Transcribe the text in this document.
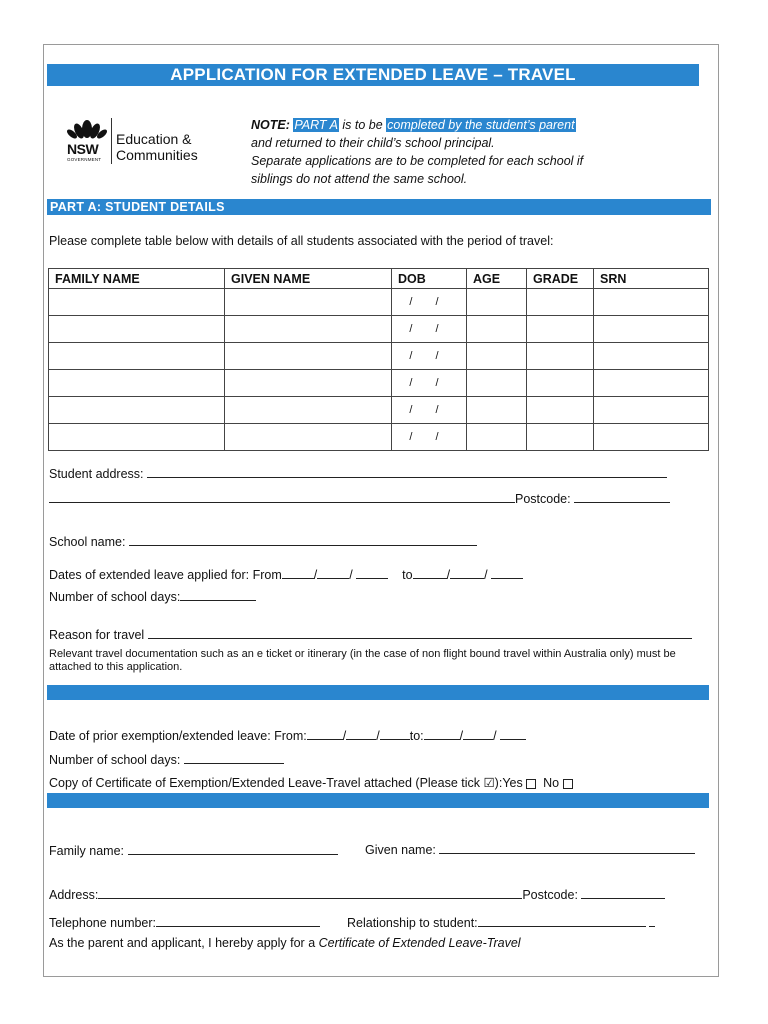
APPLICATION FOR EXTENDED LEAVE – TRAVEL
NSW
GOVERNMENT
Education &
Communities
NOTE: PART A is to be completed by the student’s parent
and returned to their child’s school principal.
Separate applications are to be completed for each school if
siblings do not attend the same school.
PART A: STUDENT DETAILS
Please complete table below with details of all students associated with the period of travel:
FAMILY NAME	GIVEN NAME	DOB	AGE	GRADE	SRN
		/ /			
		/ /			
		/ /			
		/ /			
		/ /			
		/ /			
Student address:
Postcode:
School name:
Dates of extended leave applied for: From	/	/	to	/	/
Number of school days:
Reason for travel
Relevant travel documentation such as an e ticket or itinerary (in the case of non flight bound travel within Australia only) must be attached to this application.
Date of prior exemption/extended leave: From:	/ / to:	/ /
Number of school days:
Copy of Certificate of Exemption/Extended Leave-Travel attached (Please tick ☑):Yes No
Family name:	Given name:
Address:	Postcode:
Telephone number:	Relationship to student:
As the parent and applicant, I hereby apply for a Certificate of Extended Leave-Travel
